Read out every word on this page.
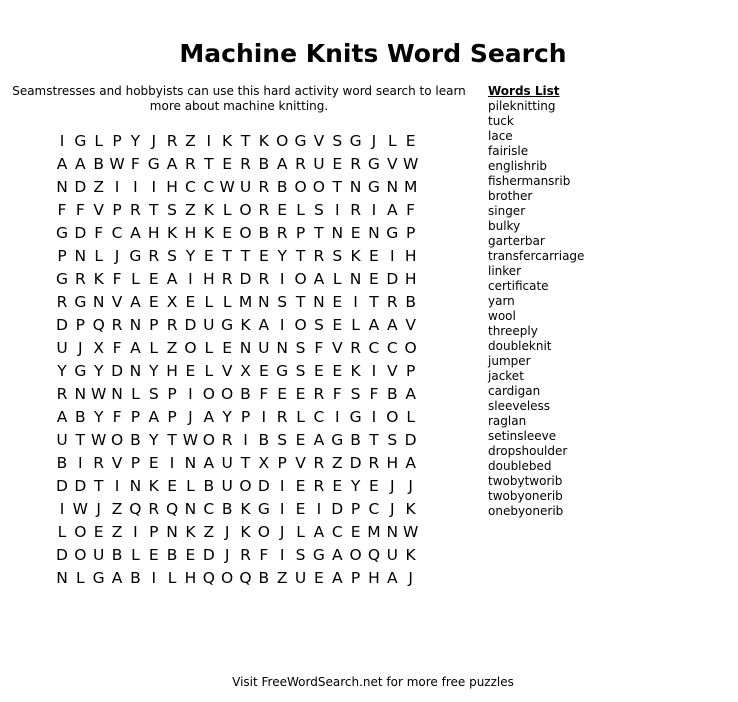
Machine Knits Word Search
Seamstresses and hobbyists can use this hard activity word search to learn more about machine knitting.
I G L P Y J R Z I K T K O G V S G J L E
A A B W F G A R T E R B A R U E R G V W
N D Z I I I H C C W U R B O O T N G N M
F F V P R T S Z K L O R E L S I R I A F
G D F C A H K H K E O B R P T N E N G P
P N L J G R S Y E T T E Y T R S K E I H
G R K F L E A I H R D R I O A L N E D H
R G N V A E X E L L M N S T N E I T R B
D P Q R N P R D U G K A I O S E L A A V
U J X F A L Z O L E N U N S F V R C C O
Y G Y D N Y H E L V X E G S E E K I V P
R N W N L S P I O O B F E E R F S F B A
A B Y F P A P J A Y P I R L C I G I O L
U T W O B Y T W O R I B S E A G B T S D
B I R V P E I N A U T X P V R Z D R H A
D D T I N K E L B U O D I E R E Y E J J
I W J Z Q R Q N C B K G I E I D P C J K
L O E Z I P N K Z J K O J L A C E M N W
D O U B L E B E D J R F I S G A O Q U K
N L G A B I L H Q O Q B Z U E A P H A J
Words List
pileknitting
tuck
lace
fairisle
englishrib
fishermansrib
brother
singer
bulky
garterbar
transfercarriage
linker
certificate
yarn
wool
threeply
doubleknit
jumper
jacket
cardigan
sleeveless
raglan
setinsleeve
dropshoulder
doublebed
twobytworib
twobyonerib
onebyonerib
Visit FreeWordSearch.net for more free puzzles
